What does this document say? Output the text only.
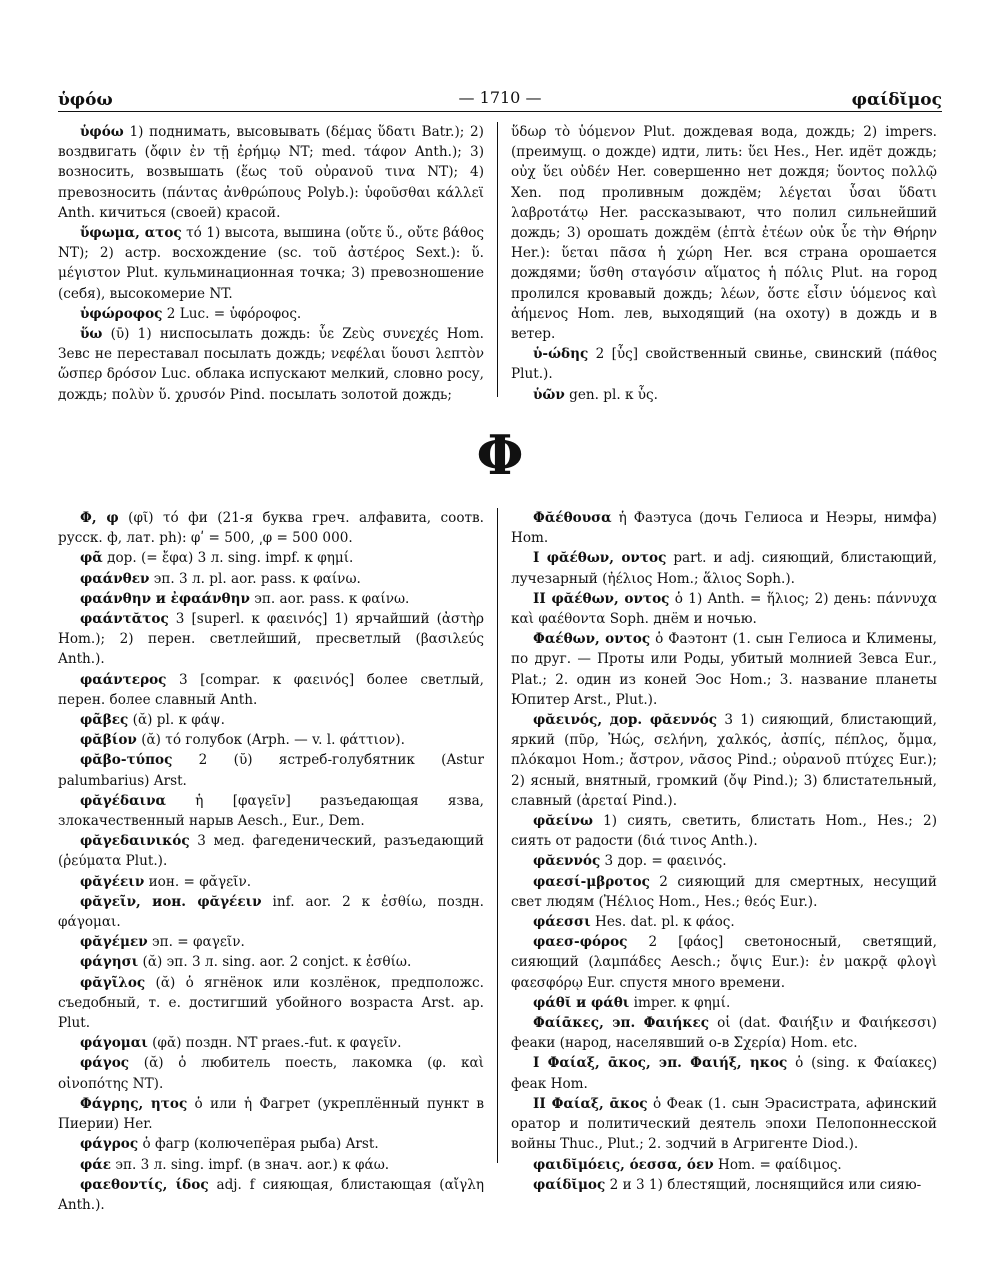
ὑφόω	— 1710 —	φαίδῐμος

ὑφόω 1) поднимать, высовывать (δέμας ὕδατι Batr.); 2) воздвигать (ὄφιν ἐν τῇ ἐρήμῳ NT; med. τάφον Anth.); 3) возносить, возвышать (ἕως τοῦ οὐρανοῦ τινα NT); 4) превозносить (πάντας ἀνθρώπους Polyb.): ὑφοῦσθαι κάλλεϊ Anth. кичиться (своей) красой.

ὕφωμα, ατος τό 1) высота, вышина (οὔτε ὕ., οὔτε βάθος NT); 2) астр. восхождение (sc. τοῦ ἀστέρος Sext.): ὕ. μέγιστον Plut. кульминационная точка; 3) превозношение (себя), высокомерие NT.

ὑφώροφος 2 Luc. = ὑφόροφος.

ὕω (ῡ) 1) ниспосылать дождь: ὗε Ζεὺς συνεχές Hom. Зевс не переставал посылать дождь; νεφέλαι ὕουσι λεπτὸν ὥσπερ δρόσον Luc. облака испускают мелкий, словно росу, дождь; πολὺν ὕ. χρυσόν Pind. посылать золотой дождь;

ὕδωρ τὸ ὑόμενον Plut. дождевая вода, дождь; 2) impers. (преимущ. о дожде) идти, лить: ὕει Hes., Her. идёт дождь; οὐχ ὕει οὐδέν Her. совершенно нет дождя; ὕοντος πολλῷ Xen. под проливным дождём; λέγεται ὗσαι ὕδατι λαβροτάτῳ Her. рассказывают, что полил сильнейший дождь; 3) орошать дождём (ἑπτὰ ἐτέων οὐκ ὗε τὴν Θήρην Her.): ὕεται πᾶσα ἡ χώρη Her. вся страна орошается дождями; ὕσθη σταγόσιν αἵματος ἡ πόλις Plut. на город пролился кровавый дождь; λέων, ὅστε εἶσιν ὑόμενος καὶ ἀήμενος Hom. лев, выходящий (на охоту) в дождь и в ветер.

ὑ-ώδης 2 [ὗς] свойственный свинье, свинский (πάθος Plut.).

ὑῶν gen. pl. к ὗς.

Φ

Φ, φ (φῖ) τό фи (21-я буква греч. алфавита, соотв. русск. ф, лат. ph): φʹ = 500, ͵φ = 500 000.

φᾶ дор. (= ἔφα) 3 л. sing. impf. к φημί.

φαάνθεν эп. 3 л. pl. aor. pass. к φαίνω.

φαάνθην и ἐφαάνθην эп. aor. pass. к φαίνω.

φαάντᾰτος 3 [superl. к φαεινός] 1) ярчайший (ἀστὴρ Hom.); 2) перен. светлейший, пресветлый (βασιλεύς Anth.).

φαάντερος 3 [compar. к φαεινός] более светлый, перен. более славный Anth.

φᾶβες (ᾰ) pl. к φάψ.

φᾰβίον (ᾰ) τό голубок (Arph. — v. l. φάττιον).

φᾰβο-τύπος 2 (ῠ) ястреб-голубятник (Astur palumbarius) Arst.

φᾰγέδαινα ἡ [φαγεῖν] разъедающая язва, злокачественный нарыв Aesch., Eur., Dem.

φᾰγεδαινικός 3 мед. фагеденический, разъедающий (ῥεύματα Plut.).

φᾰγέειν ион. = φᾰγεῖν.

φᾰγεῖν, ион. φᾰγέειν inf. aor. 2 к ἐσθίω, поздн. φάγομαι.

φᾰγέμεν эп. = φαγεῖν.

φάγησι (ᾰ) эп. 3 л. sing. aor. 2 conjct. к ἐσθίω.

φᾰγῖλος (ᾰ) ὁ ягнёнок или козлёнок, предположс. съедобный, т. е. достигший убойного возраста Arst. ap. Plut.

φάγομαι (φᾰ) поздн. NT praes.-fut. к φαγεῖν.

φάγος (ᾰ) ὁ любитель поесть, лакомка (φ. καὶ οἰνοπότης NT).

Φάγρης, ητος ὁ или ἡ Фагрет (укреплённый пункт в Пиерии) Her.

φάγρος ὁ фагр (колючепёрая рыба) Arst.

φάε эп. 3 л. sing. impf. (в знач. aor.) к φάω.

φαεθοντίς, ίδος adj. f сияющая, блистающая (αἴγλη Anth.).

Φᾰέθουσα ἡ Фаэтуса (дочь Гелиоса и Неэры, нимфа) Hom.

I φᾰέθων, οντος part. и adj. сияющий, блистающий, лучезарный (ἠέλιος Hom.; ἅλιος Soph.).

II φᾰέθων, οντος ὁ 1) Anth. = ἥλιος; 2) день: πάννυχα καὶ φαέθοντα Soph. днём и ночью.

Φαέθων, οντος ὁ Фаэтонт (1. сын Гелиоса и Климены, по друг. — Проты или Роды, убитый молнией Зевса Eur., Plat.; 2. один из коней Эос Hom.; 3. название планеты Юпитер Arst., Plut.).

φᾰεινός, дор. φᾰεννός 3 1) сияющий, блистающий, яркий (πῦρ, Ἠώς, σελήνη, χαλκός, ἀσπίς, πέπλος, ὄμμα, πλόκαμοι Hom.; ἄστρον, νᾶσος Pind.; οὐρανοῦ πτύχες Eur.); 2) ясный, внятный, громкий (ὄψ Pind.); 3) блистательный, славный (ἀρεταί Pind.).

φᾰείνω 1) сиять, светить, блистать Hom., Hes.; 2) сиять от радости (διά τινος Anth.).

φᾰεννός 3 дор. = φαεινός.

φαεσί-μβροτος 2 сияющий для смертных, несущий свет людям (Ἠέλιος Hom., Hes.; θεός Eur.).

φάεσσι Hes. dat. pl. к φάος.

φαεσ-φόρος 2 [φάος] светоносный, светящий, сияющий (λαμπάδες Aesch.; ὄψις Eur.): ἐν μακρᾷ φλογὶ φαεσφόρῳ Eur. спустя много времени.

φάθῐ и φάθι imper. к φημί.

Φαίᾱκες, эп. Φαιήκες οἱ (dat. Φαιήξιν и Φαιήκεσσι) феаки (народ, населявший о-в Σχερία) Hom. etc.

I Φαίαξ, ᾱκος, эп. Φαιήξ, ηκος ὁ (sing. к Φαίακες) феак Hom.

II Φαίαξ, ᾱκος ὁ Феак (1. сын Эрасистрата, афинский оратор и политический деятель эпохи Пелопоннесской войны Thuc., Plut.; 2. зодчий в Агригенте Diod.).

φαιδῐμόεις, όεσσα, όεν Hom. = φαίδιμος.

φαίδῐμος 2 и 3 1) блестящий, лоснящийся или сияю-
